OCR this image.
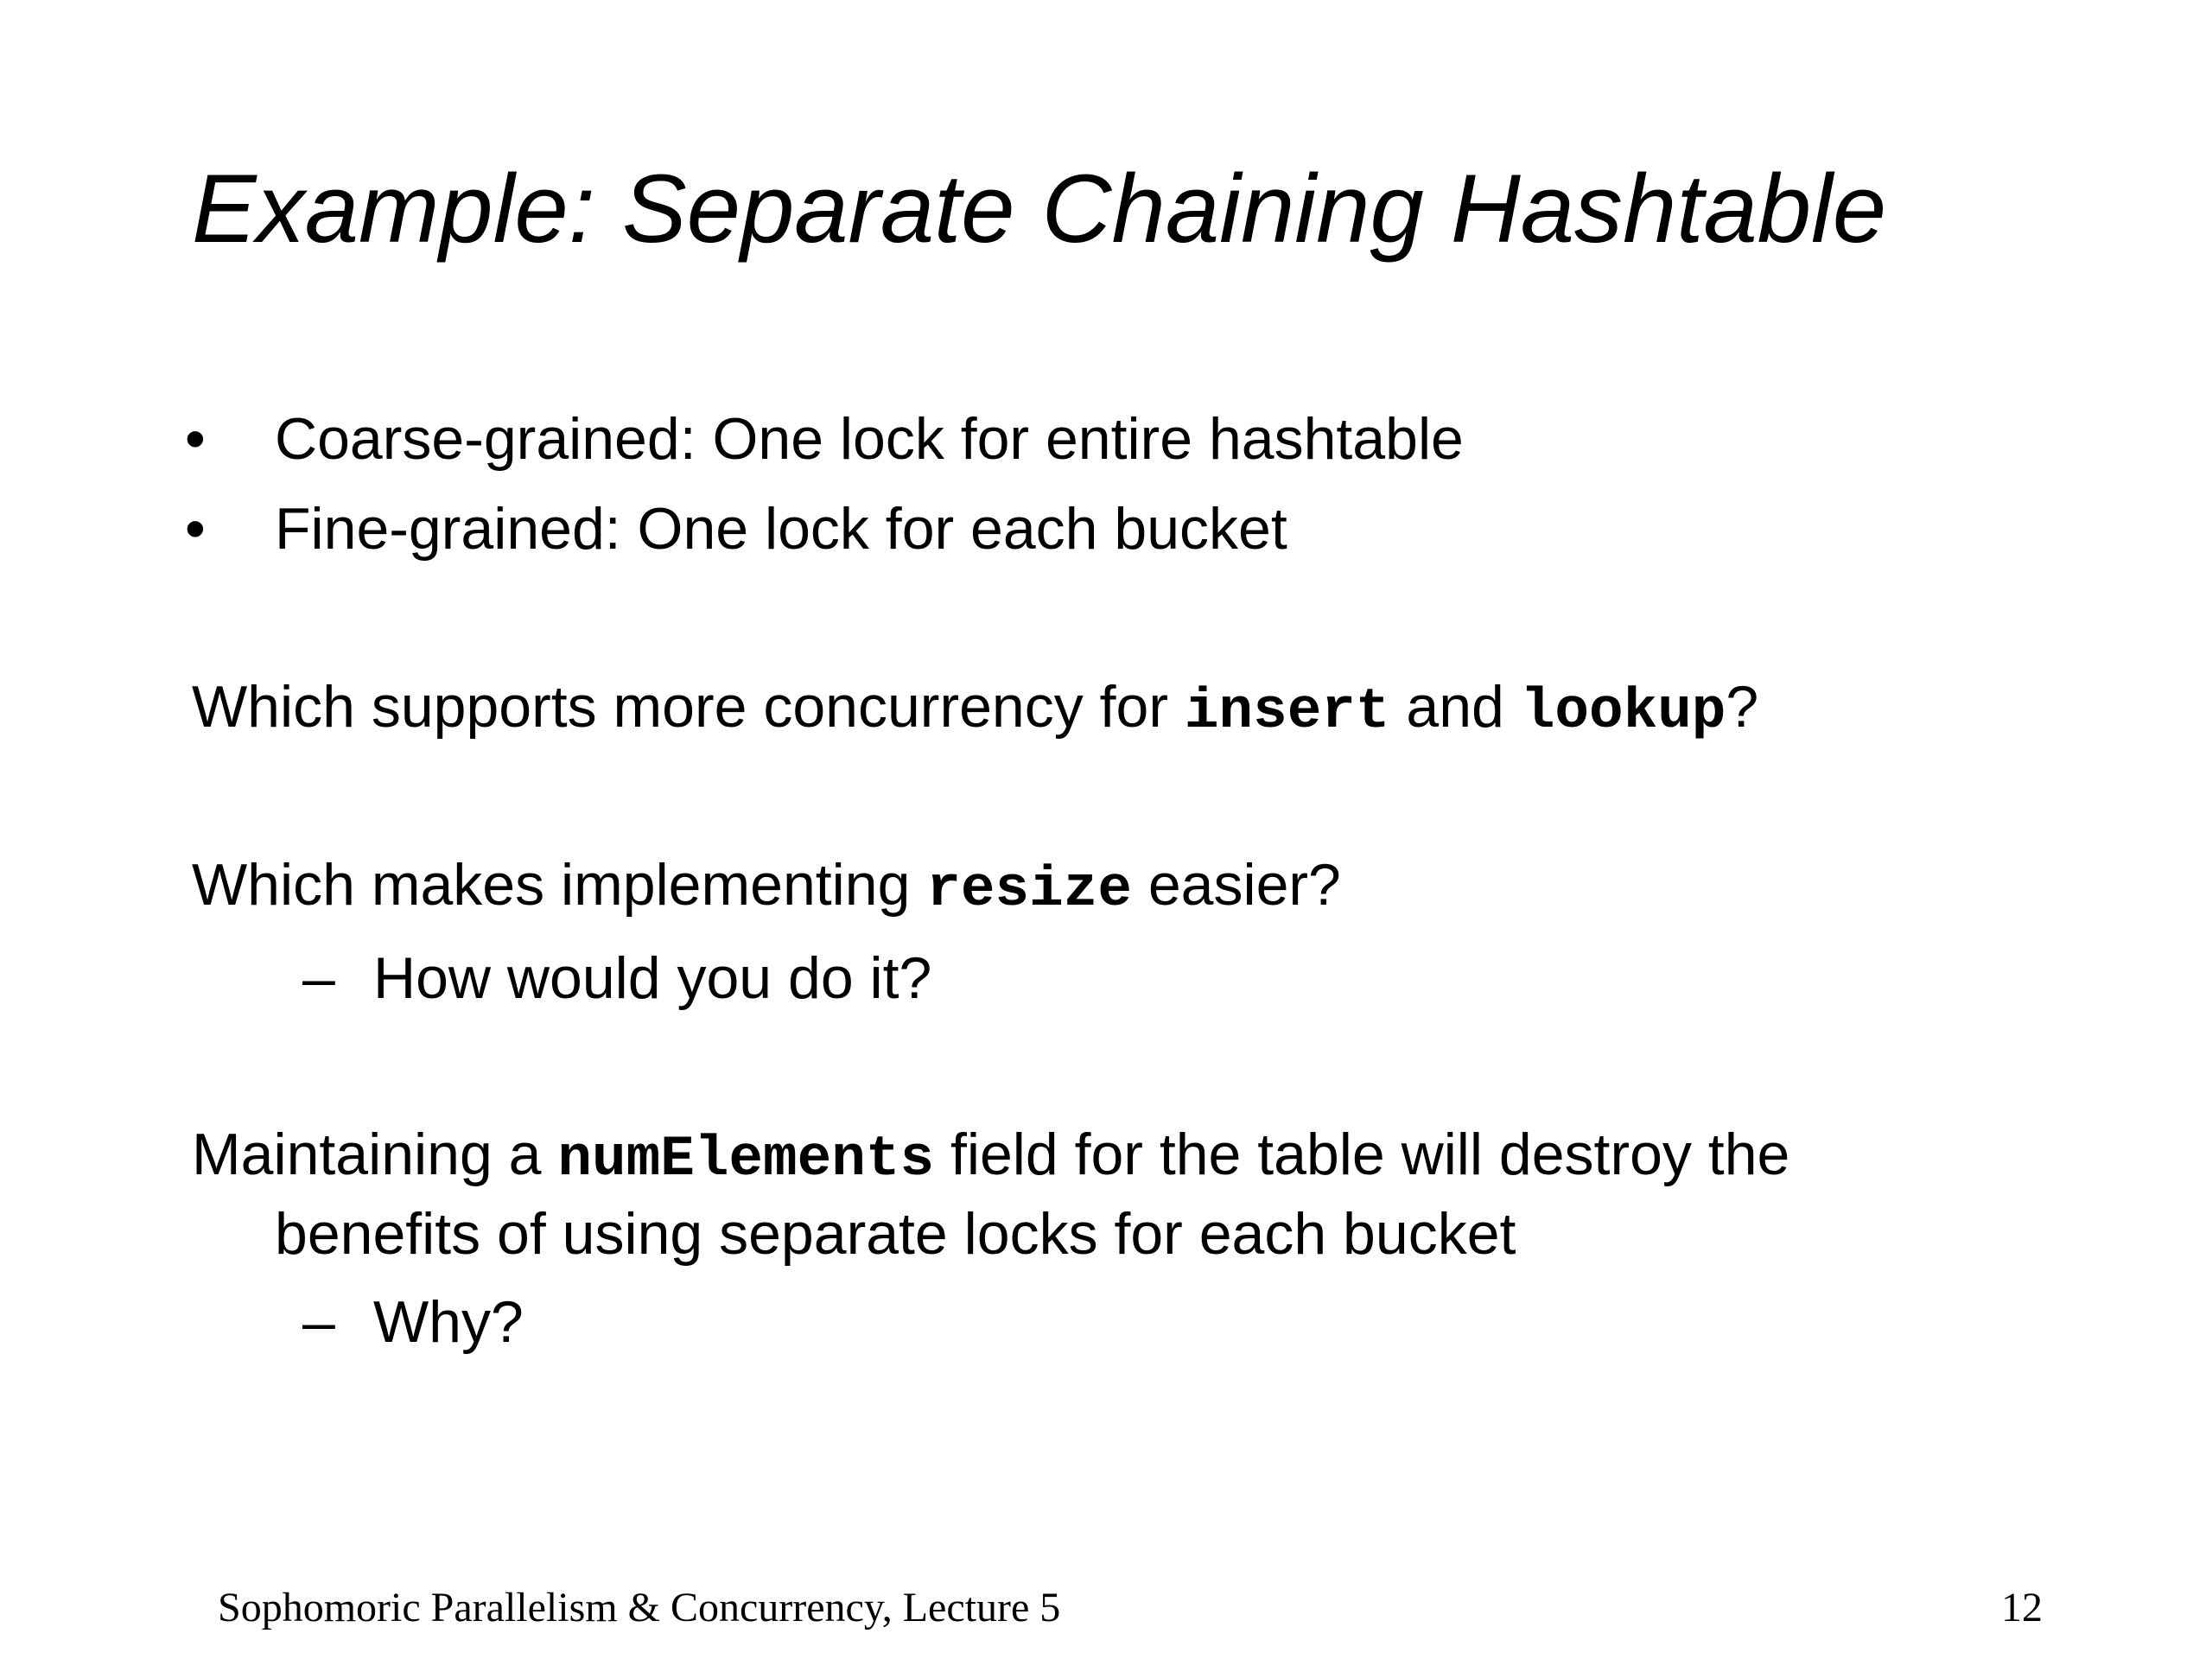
Example: Separate Chaining Hashtable
• Coarse-grained: One lock for entire hashtable
• Fine-grained: One lock for each bucket
Which supports more concurrency for insert and lookup?
Which makes implementing resize easier?
– How would you do it?
Maintaining a numElements field for the table will destroy the
benefits of using separate locks for each bucket
– Why?
Sophomoric Parallelism & Concurrency, Lecture 5	12
